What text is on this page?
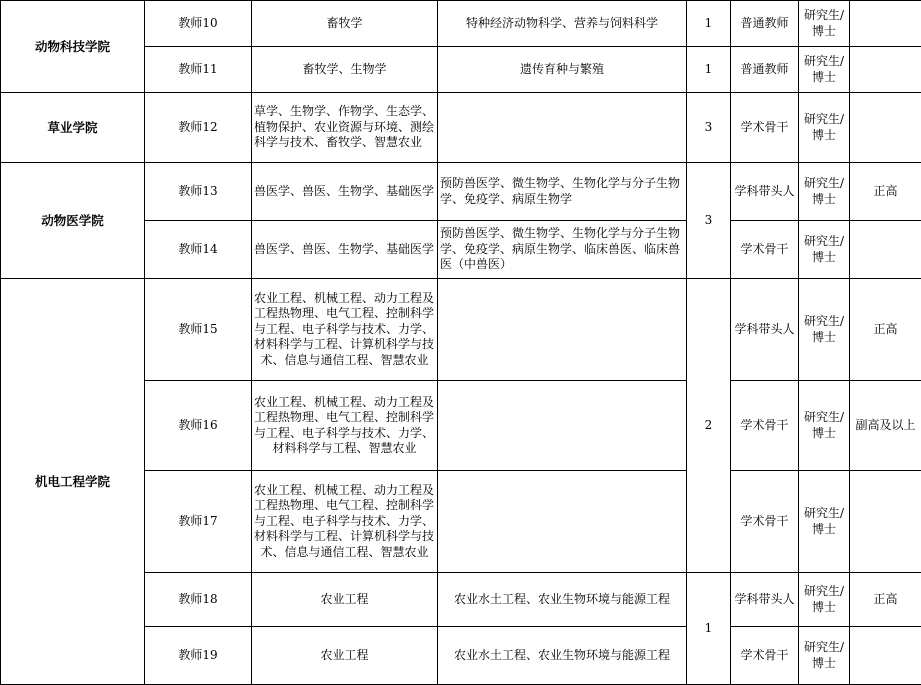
动物科技学院	教师10	畜牧学	特种经济动物科学、营养与饲料科学	1	普通教师	研究生/博士	
	教师11	畜牧学、生物学	遗传育种与繁殖	1	普通教师	研究生/博士	
草业学院	教师12	草学、生物学、作物学、生态学、植物保护、农业资源与环境、测绘科学与技术、畜牧学、智慧农业		3	学术骨干	研究生/博士	
动物医学院	教师13	兽医学、兽医、生物学、基础医学	预防兽医学、微生物学、生物化学与分子生物学、免疫学、病原生物学	3	学科带头人	研究生/博士	正高
	教师14	兽医学、兽医、生物学、基础医学	预防兽医学、微生物学、生物化学与分子生物学、免疫学、病原生物学、临床兽医、临床兽医（中兽医）		学术骨干	研究生/博士	
机电工程学院	教师15	农业工程、机械工程、动力工程及工程热物理、电气工程、控制科学与工程、电子科学与技术、力学、材料科学与工程、计算机科学与技术、信息与通信工程、智慧农业		2	学科带头人	研究生/博士	正高
	教师16	农业工程、机械工程、动力工程及工程热物理、电气工程、控制科学与工程、电子科学与技术、力学、材料科学与工程、智慧农业			学术骨干	研究生/博士	副高及以上
	教师17	农业工程、机械工程、动力工程及工程热物理、电气工程、控制科学与工程、电子科学与技术、力学、材料科学与工程、计算机科学与技术、信息与通信工程、智慧农业			学术骨干	研究生/博士	
	教师18	农业工程	农业水土工程、农业生物环境与能源工程	1	学科带头人	研究生/博士	正高
	教师19	农业工程	农业水土工程、农业生物环境与能源工程		学术骨干	研究生/博士	
